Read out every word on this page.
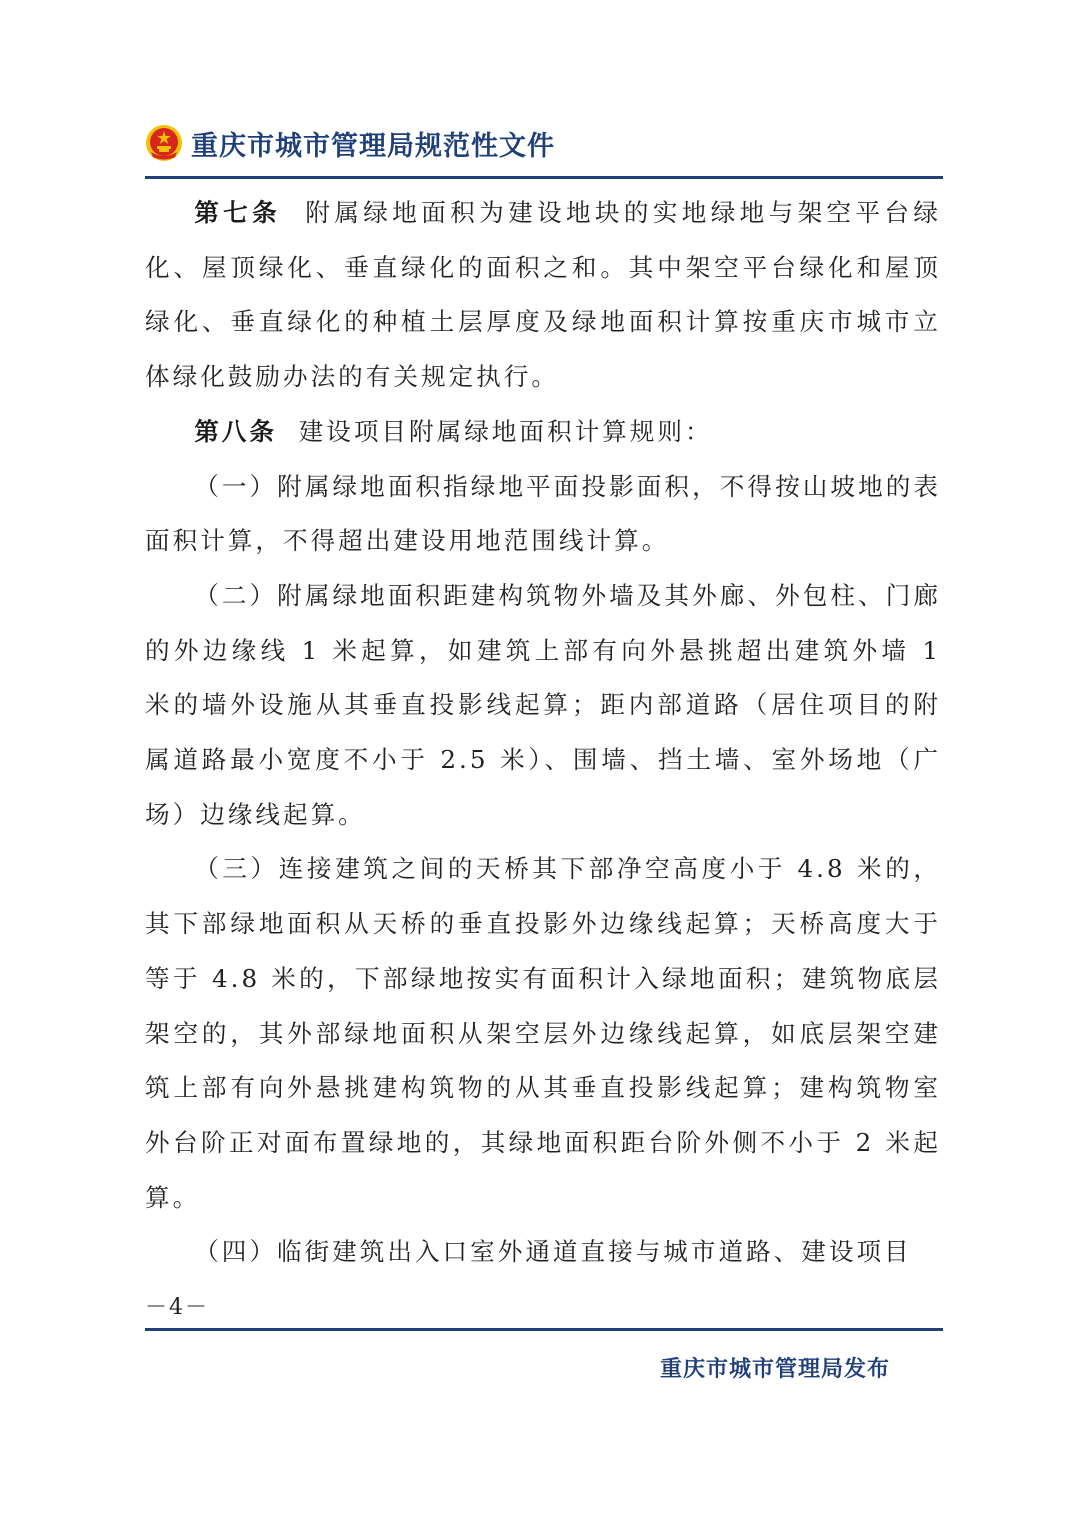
重庆市城市管理局规范性文件

第七条 附属绿地面积为建设地块的实地绿地与架空平台绿化、屋顶绿化、垂直绿化的面积之和。其中架空平台绿化和屋顶绿化、垂直绿化的种植土层厚度及绿地面积计算按重庆市城市立体绿化鼓励办法的有关规定执行。

第八条 建设项目附属绿地面积计算规则：

（一）附属绿地面积指绿地平面投影面积，不得按山坡地的表面积计算，不得超出建设用地范围线计算。

（二）附属绿地面积距建构筑物外墙及其外廊、外包柱、门廊的外边缘线 1 米起算，如建筑上部有向外悬挑超出建筑外墙 1 米的墙外设施从其垂直投影线起算；距内部道路（居住项目的附属道路最小宽度不小于 2.5 米）、围墙、挡土墙、室外场地（广场）边缘线起算。

（三）连接建筑之间的天桥其下部净空高度小于 4.8 米的，其下部绿地面积从天桥的垂直投影外边缘线起算；天桥高度大于等于 4.8 米的，下部绿地按实有面积计入绿地面积；建筑物底层架空的，其外部绿地面积从架空层外边缘线起算，如底层架空建筑上部有向外悬挑建构筑物的从其垂直投影线起算；建构筑物室外台阶正对面布置绿地的，其绿地面积距台阶外侧不小于 2 米起算。

（四）临街建筑出入口室外通道直接与城市道路、建设项目

－4－
重庆市城市管理局发布
